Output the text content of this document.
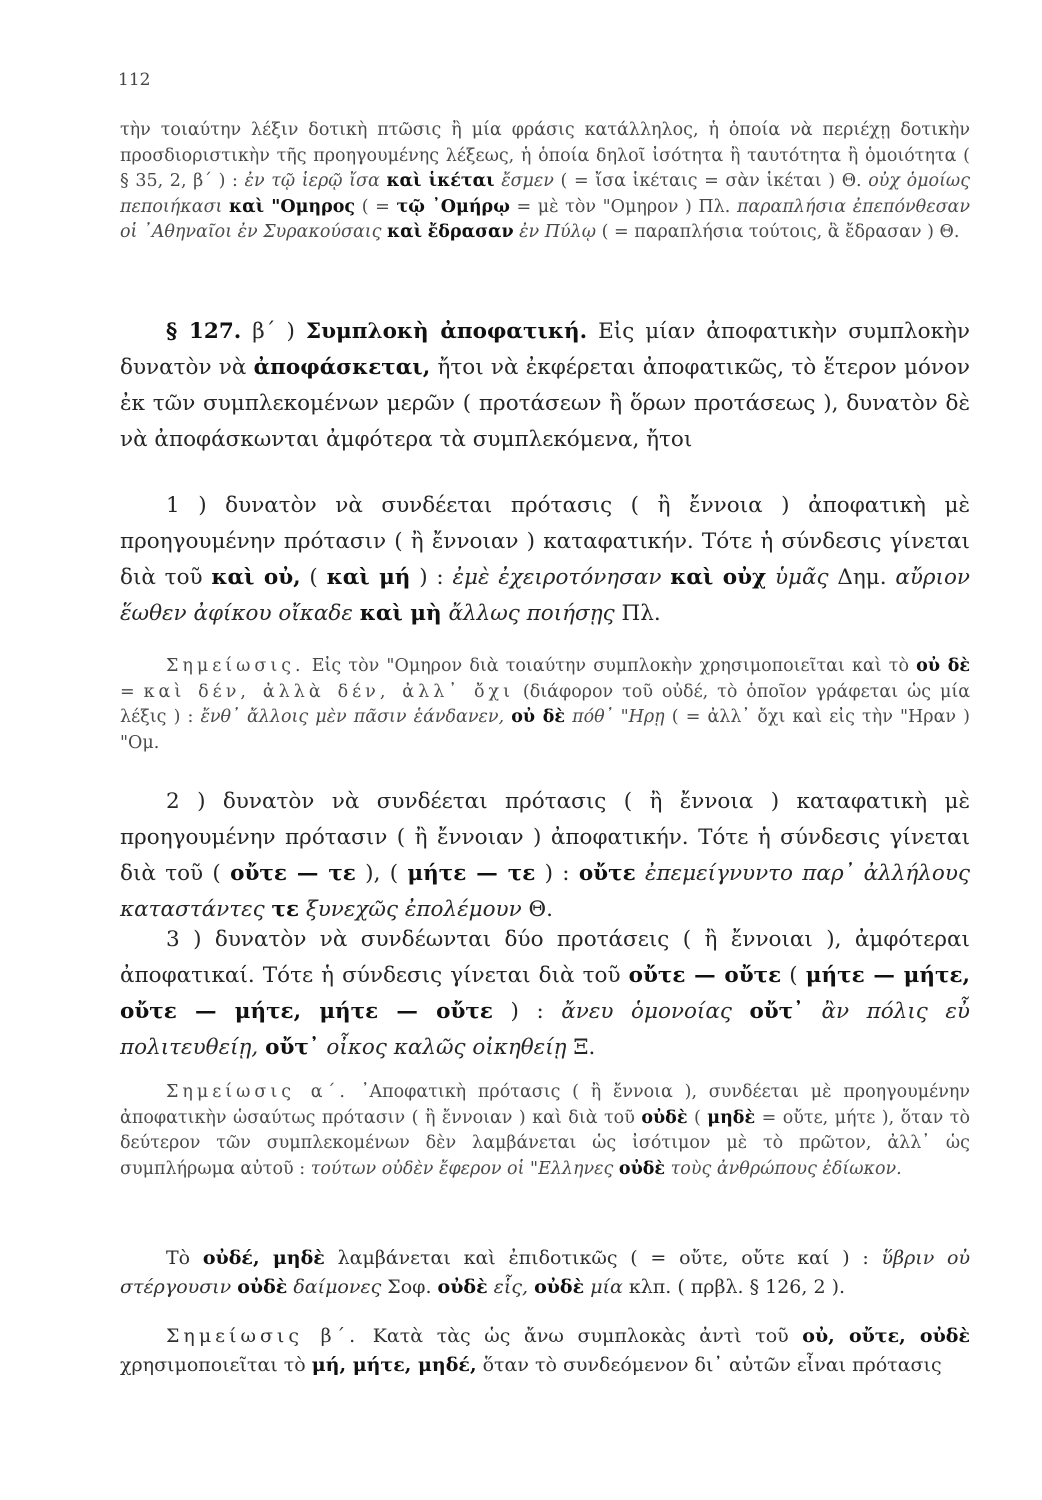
112

τὴν τοιαύτην λέξιν δοτικὴ πτῶσις ἢ μία φράσις κατάλληλος, ἡ ὁποία νὰ περιέχῃ δοτικὴν προσδιοριστικὴν τῆς προηγουμένης λέξεως, ἡ ὁποία δηλοῖ ἰσότητα ἢ ταυτότητα ἢ ὁμοιότητα ( § 35, 2, β΄ ) : ἐν τῷ ἱερῷ ἴσα καὶ ἱκέται ἔσμεν ( = ἴσα ἱκέταις = σὰν ἱκέται ) Θ. οὐχ ὁμοίως πεποιήκασι καὶ "Ομηρος ( = τῷ ᾿Ομήρῳ = μὲ τὸν "Ομηρον ) Πλ. παραπλήσια ἐπεπόνθεσαν οἱ ᾿Αθηναῖοι ἐν Συρακούσαις καὶ ἔδρασαν ἐν Πύλῳ ( = παραπλήσια τούτοις, ἃ ἔδρασαν ) Θ.

§ 127. β΄ ) Συμπλοκὴ ἀποφατική. Εἰς μίαν ἀποφατικὴν συμπλοκὴν δυνατὸν νὰ ἀποφάσκεται, ἤτοι νὰ ἐκφέρεται ἀποφατικῶς, τὸ ἕτερον μόνον ἐκ τῶν συμπλεκομένων μερῶν ( προτάσεων ἢ ὅρων προτάσεως ), δυνατὸν δὲ νὰ ἀποφάσκωνται ἀμφότερα τὰ συμπλεκόμενα, ἤτοι

1 ) δυνατὸν νὰ συνδέεται πρότασις ( ἢ ἔννοια ) ἀποφατικὴ μὲ προηγουμένην πρότασιν ( ἢ ἔννοιαν ) καταφατικήν. Τότε ἡ σύνδεσις γίνεται διὰ τοῦ καὶ οὐ, ( καὶ μή ) : ἐμὲ ἐχειροτόνησαν καὶ οὐχ ὑμᾶς Δημ. αὔριον ἕωθεν ἀφίκου οἴκαδε καὶ μὴ ἄλλως ποιήσῃς Πλ.

Σημείωσις. Εἰς τὸν "Ομηρον διὰ τοιαύτην συμπλοκὴν χρησιμοποιεῖται καὶ τὸ οὐ δὲ = καὶ δέν, ἀλλὰ δέν, ἀλλ᾿ ὄχι (διάφορον τοῦ οὐδέ, τὸ ὁποῖον γράφεται ὡς μία λέξις ) : ἔνθ᾿ ἄλλοις μὲν πᾶσιν ἑάνδανεν, οὐ δὲ πόθ᾿ "Ηρῃ ( = ἀλλ᾿ ὄχι καὶ εἰς τὴν "Ηραν ) "Ομ.

2 ) δυνατὸν νὰ συνδέεται πρότασις ( ἢ ἔννοια ) καταφατικὴ μὲ προηγουμένην πρότασιν ( ἢ ἔννοιαν ) ἀποφατικήν. Τότε ἡ σύνδεσις γίνεται διὰ τοῦ ( οὔτε — τε ), ( μήτε — τε ) : οὔτε ἐπεμείγνυντο παρ᾿ ἀλλήλους καταστάντες τε ξυνεχῶς ἐπολέμουν Θ.

3 ) δυνατὸν νὰ συνδέωνται δύο προτάσεις ( ἢ ἔννοιαι ), ἀμφότεραι ἀποφατικαί. Τότε ἡ σύνδεσις γίνεται διὰ τοῦ οὔτε — οὔτε ( μήτε — μήτε, οὔτε — μήτε, μήτε — οὔτε ) : ἄνευ ὁμονοίας οὔτ᾿ ἂν πόλις εὖ πολιτευθείῃ, οὔτ᾿ οἶκος καλῶς οἰκηθείῃ Ξ.

Σημείωσις α΄. ᾿Αποφατικὴ πρότασις ( ἢ ἔννοια ), συνδέεται μὲ προηγουμένην ἀποφατικὴν ὡσαύτως πρότασιν ( ἢ ἔννοιαν ) καὶ διὰ τοῦ οὐδὲ ( μηδὲ = οὔτε, μήτε ), ὅταν τὸ δεύτερον τῶν συμπλεκομένων δὲν λαμβάνεται ὡς ἰσότιμον μὲ τὸ πρῶτον, ἀλλ᾿ ὡς συμπλήρωμα αὐτοῦ : τούτων οὐδὲν ἔφερον οἱ "Ελληνες οὐδὲ τοὺς ἀνθρώπους ἐδίωκον.

Τὸ οὐδέ, μηδὲ λαμβάνεται καὶ ἐπιδοτικῶς ( = οὔτε, οὔτε καί ) : ὕβριν οὐ στέργουσιν οὐδὲ δαίμονες Σοφ. οὐδὲ εἷς, οὐδὲ μία κλπ. ( πρβλ. § 126, 2 ).

Σημείωσις β΄. Κατὰ τὰς ὡς ἄνω συμπλοκὰς ἀντὶ τοῦ οὐ, οὔτε, οὐδὲ χρησιμοποιεῖται τὸ μή, μήτε, μηδέ, ὅταν τὸ συνδεόμενον δι᾿ αὐτῶν εἶναι πρότασις
